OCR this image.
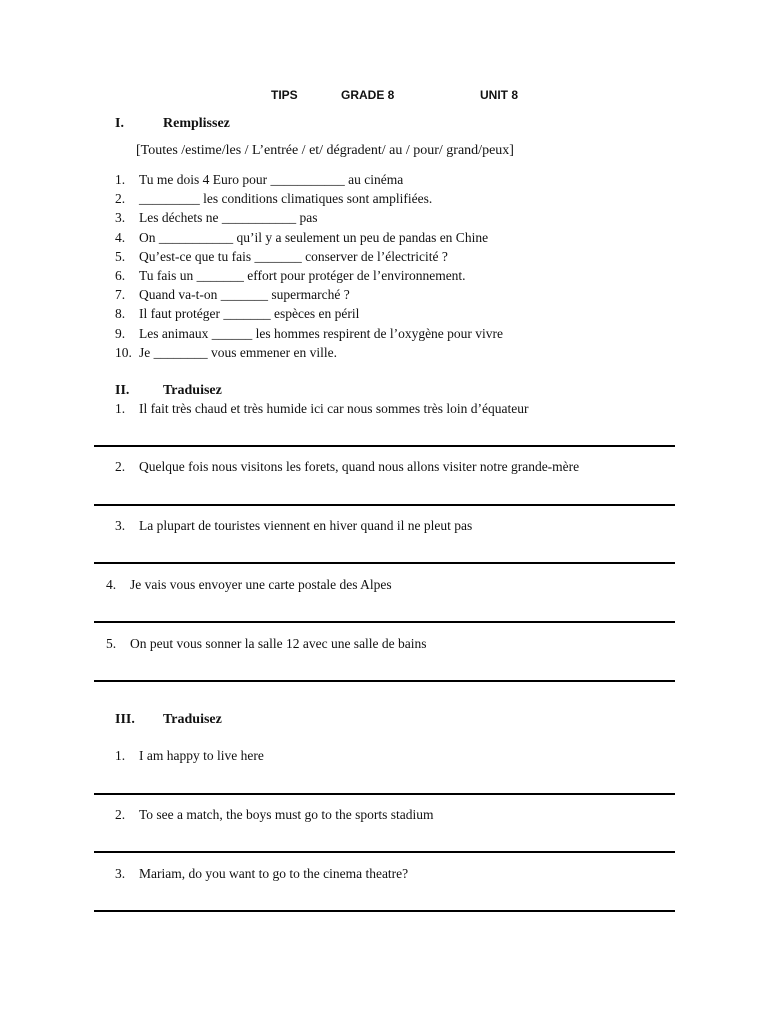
TIPS	GRADE 8	UNIT 8
I.	Remplissez
[Toutes /estime/les / L’entrée / et/ dégradent/ au / pour/ grand/peux]
1. Tu me dois 4 Euro pour ___________ au cinéma
2. _________ les conditions climatiques sont amplifiées.
3. Les déchets ne ___________ pas
4. On ___________ qu’il y a seulement un peu de pandas en Chine
5. Qu’est-ce que tu fais _______ conserver de l’électricité ?
6. Tu fais un _______ effort pour protéger de l’environnement.
7. Quand va-t-on _______ supermarché ?
8. Il faut protéger _______ espèces en péril
9. Les animaux ______ les hommes respirent de l’oxygène pour vivre
10. Je ________ vous emmener en ville.
II. Traduisez
1. Il fait très chaud et très humide ici car nous sommes très loin d’équateur
2. Quelque fois nous visitons les forets, quand nous allons visiter notre grande-mère
3. La plupart de touristes viennent en hiver quand il ne pleut pas
4. Je vais vous envoyer une carte postale des Alpes
5. On peut vous sonner la salle 12 avec une salle de bains
III. Traduisez
1. I am happy to live here
2. To see a match, the boys must go to the sports stadium
3. Mariam, do you want to go to the cinema theatre?
